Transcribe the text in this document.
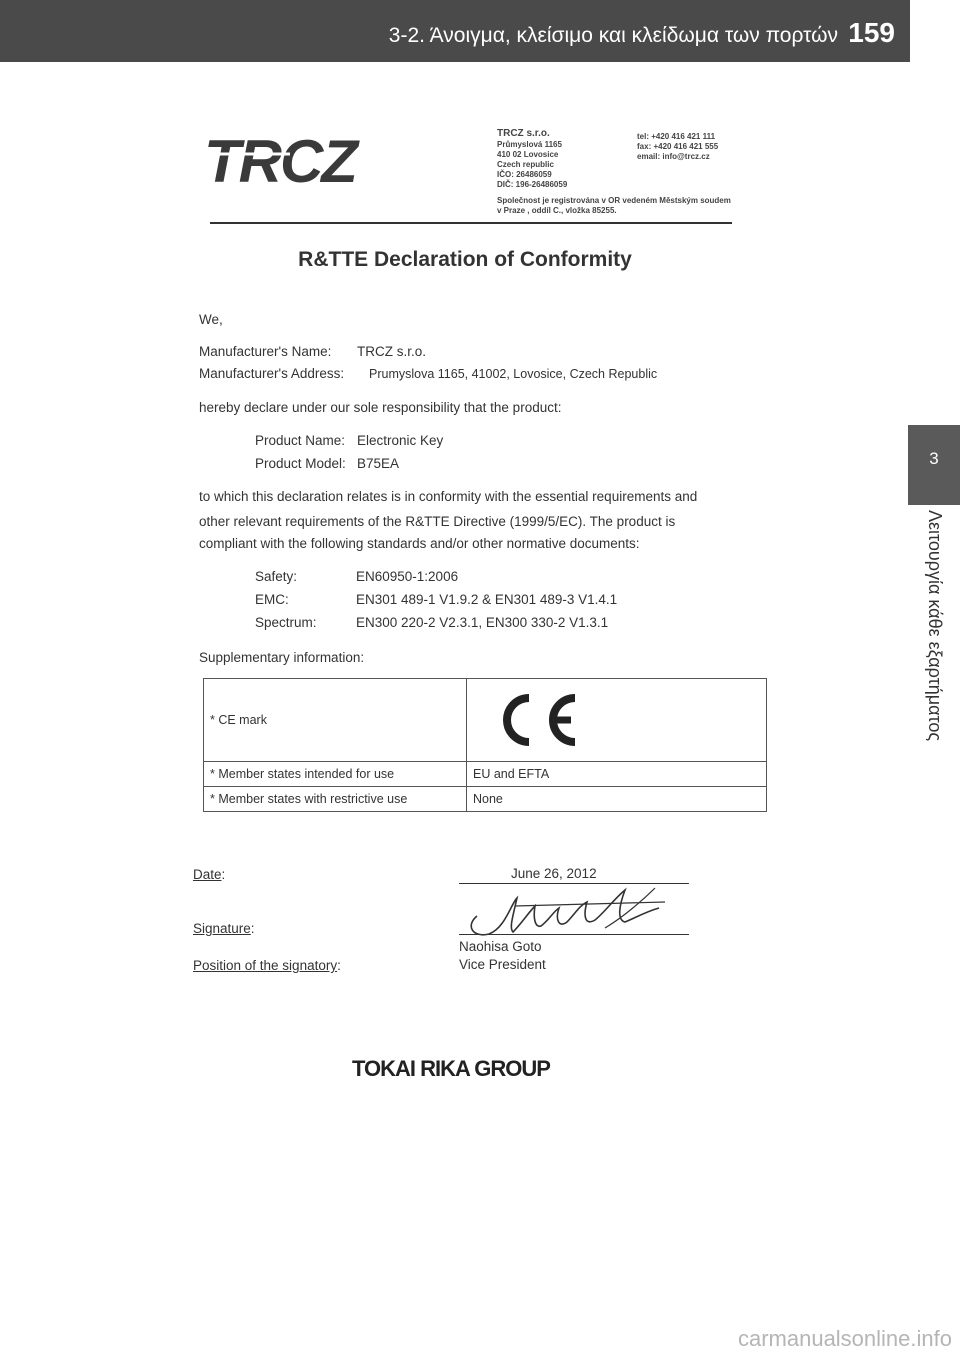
3-2. Άνοιγμα, κλείσιμο και κλείδωμα των πορτών 159
3
Λειτουργία κάθε εξαρτήματος
TRCZ	TRCZ s.r.o.
Průmyslová 1165
410 02 Lovosice
Czech republic
IČO: 26486059
DIČ: 196-26486059
tel: +420 416 421 111
fax: +420 416 421 555
email: info@trcz.cz
Společnost je registrována v OR vedeném Městským soudem
v Praze , oddíl C., vložka 85255.
R&TTE Declaration of Conformity
We,
Manufacturer's Name: TRCZ s.r.o.
Manufacturer's Address: Prumyslova 1165, 41002, Lovosice, Czech Republic
hereby declare under our sole responsibility that the product:
Product Name: Electronic Key
Product Model: B75EA
to which this declaration relates is in conformity with the essential requirements and
other relevant requirements of the R&TTE Directive (1999/5/EC). The product is
compliant with the following standards and/or other normative documents:
Safety:	EN60950-1:2006
EMC:	EN301 489-1 V1.9.2 & EN301 489-3 V1.4.1
Spectrum:	EN300 220-2 V2.3.1, EN300 330-2 V1.3.1
Supplementary information:
* CE mark	

* Member states intended for use	EU and EFTA
* Member states with restrictive use	None
Date:	June 26, 2012
Signature:
Naohisa Goto
Position of the signatory:	Vice President
TOKAI RIKA GROUP
carmanualsonline.info
